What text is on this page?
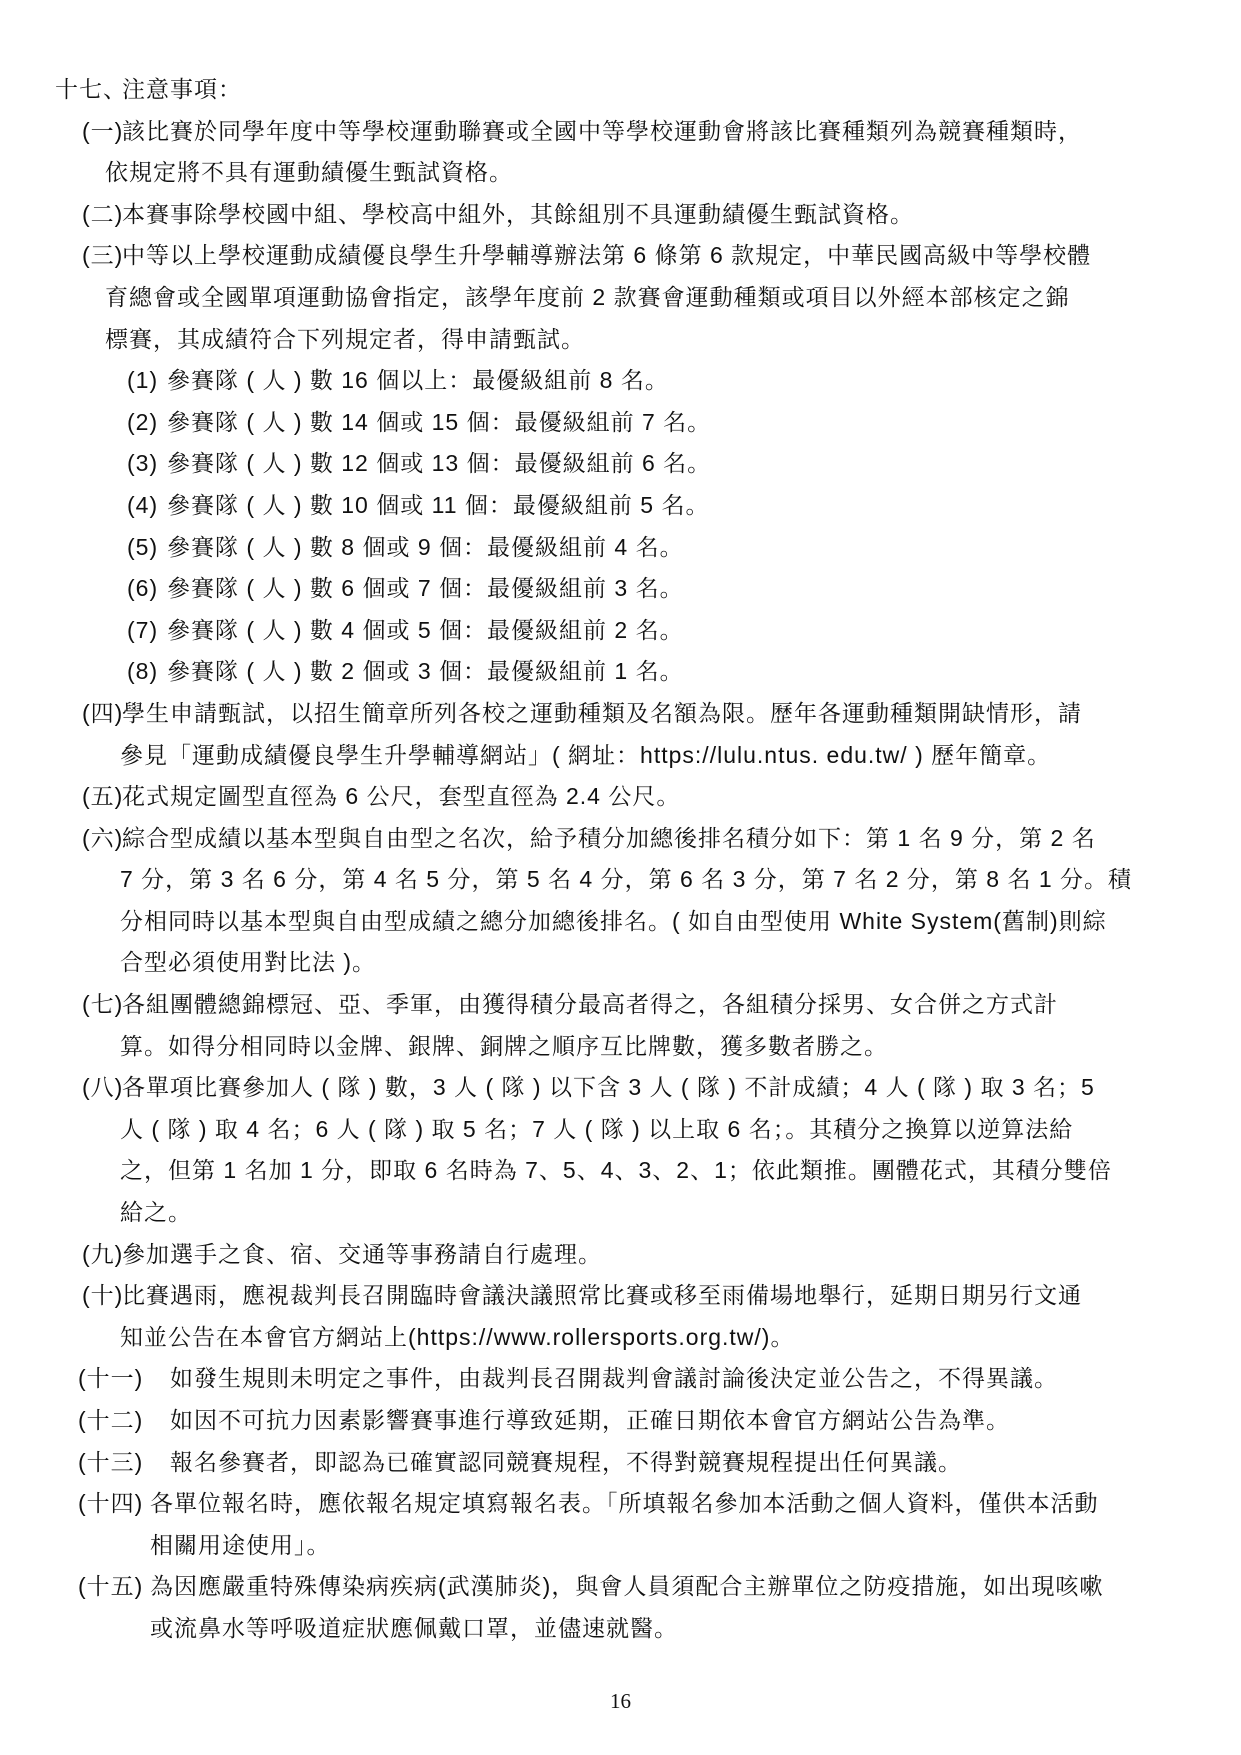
十七、
注意事項：
(一)
該比賽於同學年度中等學校運動聯賽或全國中等學校運動會將該比賽種類列為競賽種類時，
依規定將不具有運動績優生甄試資格。
(二)
本賽事除學校國中組、學校高中組外，其餘組別不具運動績優生甄試資格。
(三)
中等以上學校運動成績優良學生升學輔導辦法第 6 條第 6 款規定，中華民國高級中等學校體
育總會或全國單項運動協會指定，該學年度前 2 款賽會運動種類或項目以外經本部核定之錦
標賽，其成績符合下列規定者，得申請甄試。
(1) 參賽隊 ( 人 ) 數 16 個以上：最優級組前 8 名。
(2) 參賽隊 ( 人 ) 數 14 個或 15 個：最優級組前 7 名。
(3) 參賽隊 ( 人 ) 數 12 個或 13 個：最優級組前 6 名。
(4) 參賽隊 ( 人 ) 數 10 個或 11 個：最優級組前 5 名。
(5) 參賽隊 ( 人 ) 數 8 個或 9 個：最優級組前 4 名。
(6) 參賽隊 ( 人 ) 數 6 個或 7 個：最優級組前 3 名。
(7) 參賽隊 ( 人 ) 數 4 個或 5 個：最優級組前 2 名。
(8) 參賽隊 ( 人 ) 數 2 個或 3 個：最優級組前 1 名。
(四)
學生申請甄試，以招生簡章所列各校之運動種類及名額為限。歷年各運動種類開缺情形，請
參見「運動成績優良學生升學輔導網站」( 網址：https://lulu.ntus. edu.tw/ ) 歷年簡章。
(五)
花式規定圖型直徑為 6 公尺，套型直徑為 2.4 公尺。
(六)
綜合型成績以基本型與自由型之名次，給予積分加總後排名積分如下：第 1 名 9 分，第 2 名
7 分，第 3 名 6 分，第 4 名 5 分，第 5 名 4 分，第 6 名 3 分，第 7 名 2 分，第 8 名 1 分。積
分相同時以基本型與自由型成績之總分加總後排名。( 如自由型使用 White System(舊制)則綜
合型必須使用對比法 )。
(七)
各組團體總錦標冠、亞、季軍，由獲得積分最高者得之，各組積分採男、女合併之方式計
算。如得分相同時以金牌、銀牌、銅牌之順序互比牌數，獲多數者勝之。
(八)
各單項比賽參加人 ( 隊 ) 數，3 人 ( 隊 ) 以下含 3 人 ( 隊 ) 不計成績；4 人 ( 隊 ) 取 3 名；5
人 ( 隊 ) 取 4 名；6 人 ( 隊 ) 取 5 名；7 人 ( 隊 ) 以上取 6 名；。其積分之換算以逆算法給
之，但第 1 名加 1 分，即取 6 名時為 7、5、4、3、2、1；依此類推。團體花式，其積分雙倍
給之。
(九)
參加選手之食、宿、交通等事務請自行處理。
(十)
比賽遇雨，應視裁判長召開臨時會議決議照常比賽或移至雨備場地舉行，延期日期另行文通
知並公告在本會官方網站上(https://www.rollersports.org.tw/)。
(十一)	如發生規則未明定之事件，由裁判長召開裁判會議討論後決定並公告之，不得異議。
(十二)	如因不可抗力因素影響賽事進行導致延期，正確日期依本會官方網站公告為準。
(十三)	報名參賽者，即認為已確實認同競賽規程，不得對競賽規程提出任何異議。
(十四) 各單位報名時，應依報名規定填寫報名表。「所填報名參加本活動之個人資料，僅供本活動
相關用途使用」。
(十五) 為因應嚴重特殊傳染病疾病(武漢肺炎)，與會人員須配合主辦單位之防疫措施，如出現咳嗽
或流鼻水等呼吸道症狀應佩戴口罩，並儘速就醫。
16
